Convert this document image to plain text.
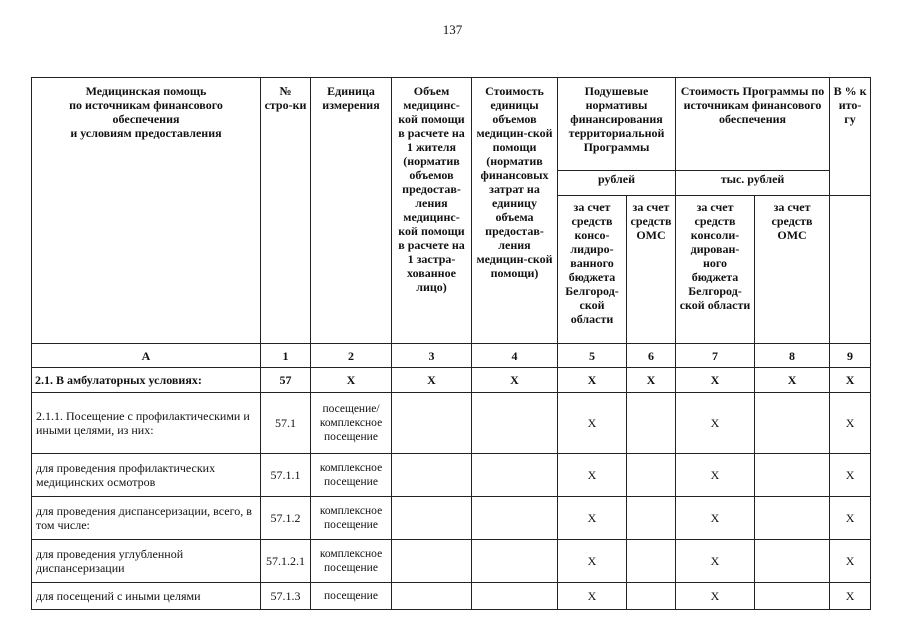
137
Медицинская помощь
по источникам финансового обеспечения
и условиям предоставления	№ стро-ки	Единица измерения	Объем медицинс-кой помощи в расчете на 1 жителя (норматив объемов предостав-ления медицинс-кой помощи в расчете на 1 застра-хованное лицо)	Стоимость единицы объемов медицин-ской помощи (норматив финансовых затрат на единицу объема предостав-ления медицин-ской помощи)	Подушевые нормативы финансирования территориальной Программы		Стоимость Программы по источникам финансового обеспечения		В % к ито-гу
					рублей		тыс. рублей		
					за счет средств консо-лидиро-ванного бюджета Белгород-ской области	за счет средств ОМС	за счет средств консоли-дирован-ного бюджета Белгород-ской области	за счет средств ОМС	
А	1	2	3	4	5	6	7	8	9
2.1. В амбулаторных условиях:	57	Х	Х	Х	Х	Х	Х	Х	Х
2.1.1. Посещение с профилактическими и иными целями, из них:	57.1	посещение/ комплексное посещение			Х		Х		Х
для проведения профилактических медицинских осмотров	57.1.1	комплексное посещение			Х		Х		Х
для проведения диспансеризации, всего, в том числе:	57.1.2	комплексное посещение			Х		Х		Х
для проведения углубленной диспансеризации	57.1.2.1	комплексное посещение			Х		Х		Х
для посещений с иными целями	57.1.3	посещение			Х		Х		Х
